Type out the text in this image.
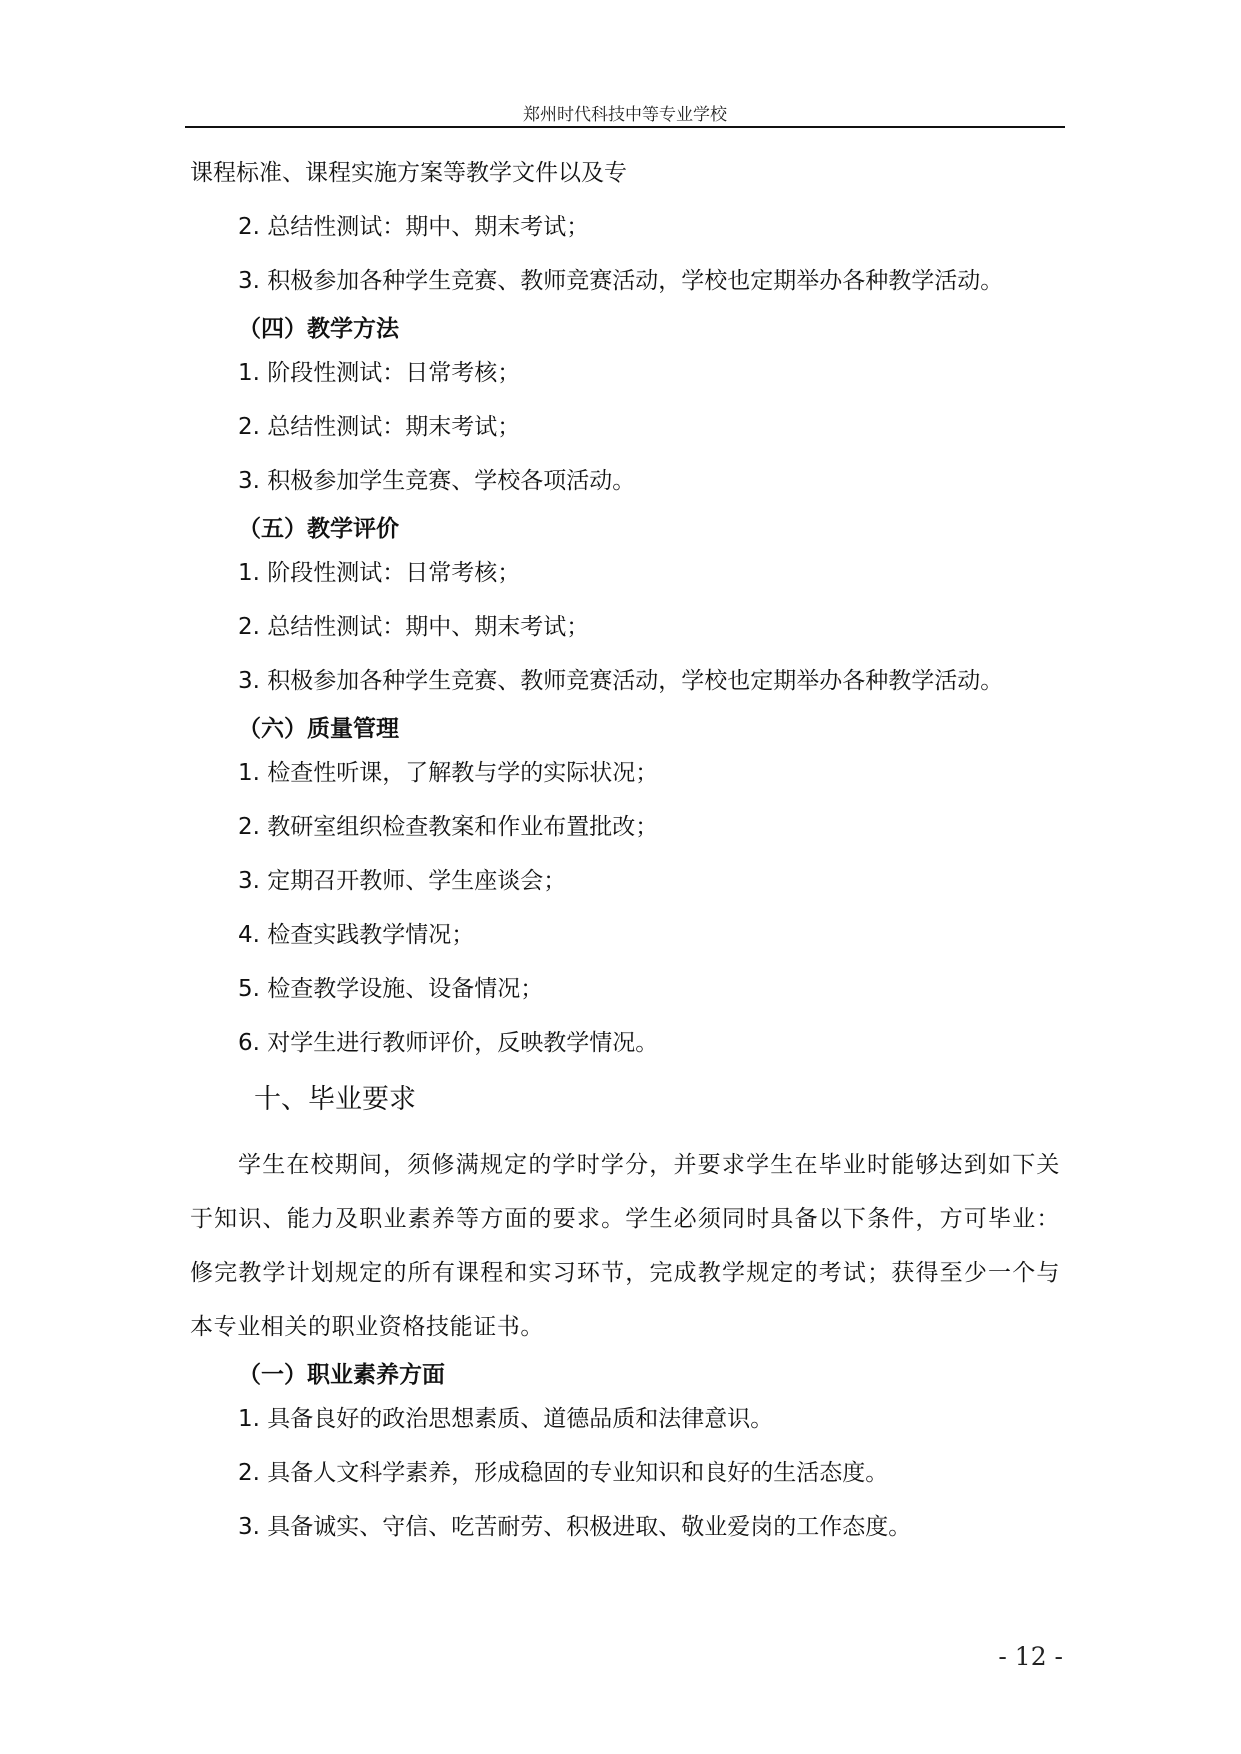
郑州时代科技中等专业学校

课程标准、课程实施方案等教学文件以及专

2. 总结性测试：期中、期末考试；

3. 积极参加各种学生竞赛、教师竞赛活动，学校也定期举办各种教学活动。

（四）教学方法

1. 阶段性测试：日常考核；

2. 总结性测试：期末考试；

3. 积极参加学生竞赛、学校各项活动。

（五）教学评价

1. 阶段性测试：日常考核；

2. 总结性测试：期中、期末考试；

3. 积极参加各种学生竞赛、教师竞赛活动，学校也定期举办各种教学活动。

（六）质量管理

1. 检查性听课，了解教与学的实际状况；

2. 教研室组织检查教案和作业布置批改；

3. 定期召开教师、学生座谈会；

4. 检查实践教学情况；

5. 检查教学设施、设备情况；

6. 对学生进行教师评价，反映教学情况。

十、毕业要求

学生在校期间，须修满规定的学时学分，并要求学生在毕业时能够达到如下关于知识、能力及职业素养等方面的要求。学生必须同时具备以下条件，方可毕业：修完教学计划规定的所有课程和实习环节，完成教学规定的考试；获得至少一个与本专业相关的职业资格技能证书。

（一）职业素养方面

1. 具备良好的政治思想素质、道德品质和法律意识。

2. 具备人文科学素养，形成稳固的专业知识和良好的生活态度。

3. 具备诚实、守信、吃苦耐劳、积极进取、敬业爱岗的工作态度。

- 12 -
